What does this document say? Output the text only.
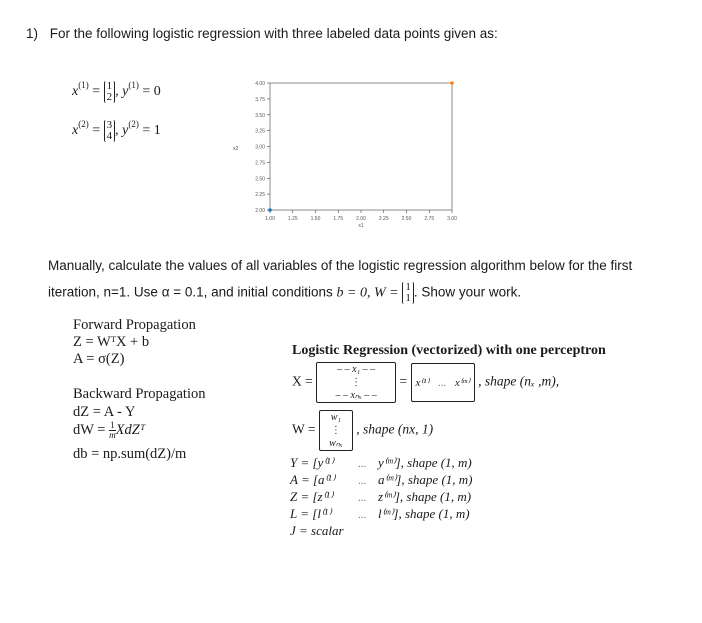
1) For the following logistic regression with three labeled data points given as:
$x^{(1)} = 1$
2 , $y^{(1)} = 0$
$x^{(2)} = 3$
4 , $y^{(2)} = 1$
2.00
2.25
2.50
2.75
3.00
3.25
3.50
3.75
4.00
1.00	1.25	1.50	1.75	2.00	2.25	2.50	2.75	3.00
x2
x1
Manually, calculate the values of all variables of the logistic regression algorithm below for the first
iteration, n=1. Use α = 0.1, and initial conditions b = 0, W = 1
1 . Show your work.
Forward Propagation
Z = WᵀX + b
A = σ(Z)
Backward Propagation
dZ = A - Y
dW = $\frac{1}{m}$ XdZᵀ
db = np.sum(dZ)/m
Logistic Regression (vectorized) with one perceptron
X =
– – x₁ – –
⋮
– – xₙₓ – –
= x⁽¹⁾ ... x⁽ᵐ⁾ , shape (nₓ ,m),
W =
w₁
⋮
wₙₓ
, shape (nx, 1)
Y = [y⁽¹⁾ ... y⁽ᵐ⁾], shape (1, m)
A = [a⁽¹⁾ ... a⁽ᵐ⁾], shape (1, m)
Z = [z⁽¹⁾ ... z⁽ᵐ⁾], shape (1, m)
L = [l⁽¹⁾ ... l⁽ᵐ⁾], shape (1, m)
J = scalar
